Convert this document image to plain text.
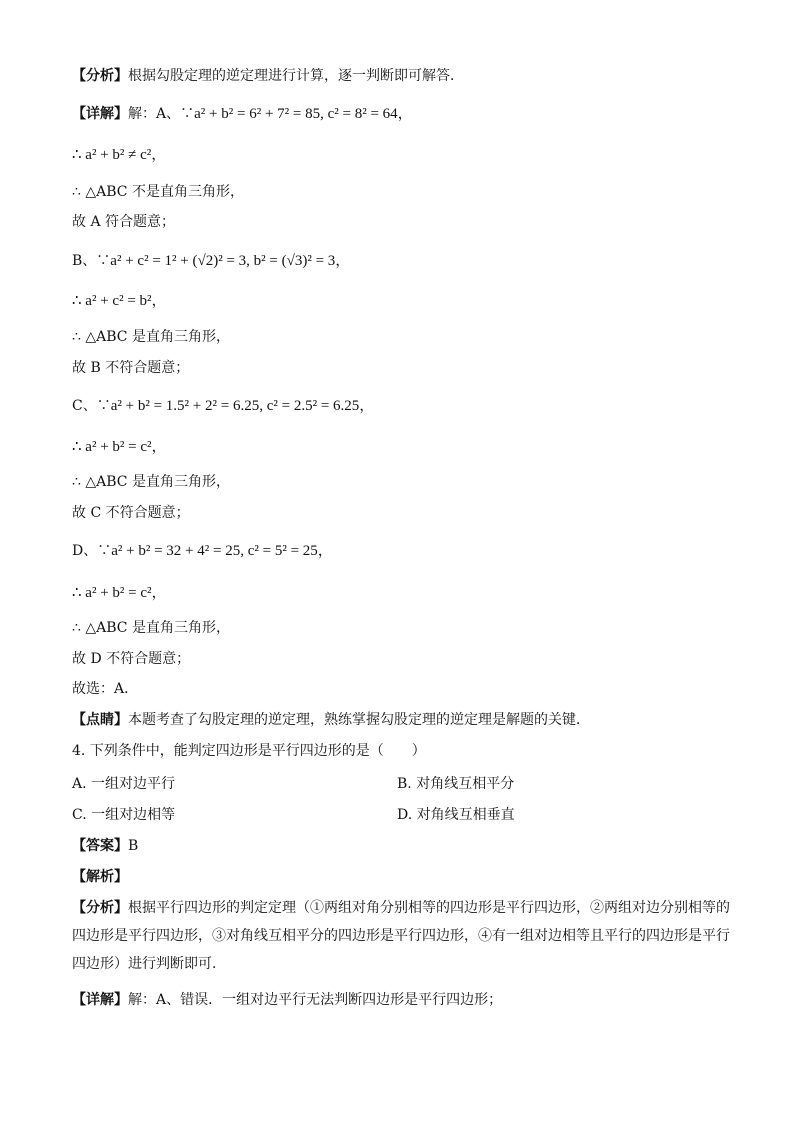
【分析】根据勾股定理的逆定理进行计算，逐一判断即可解答．
【详解】解：A、∵a² + b² = 6² + 7² = 85, c² = 8² = 64，
∴ a² + b² ≠ c²，
∴ △ABC 不是直角三角形，
故 A 符合题意；
B、∵a² + c² = 1² + (√2)² = 3, b² = (√3)² = 3，
∴ a² + c² = b²，
∴ △ABC 是直角三角形，
故 B 不符合题意；
C、∵a² + b² = 1.5² + 2² = 6.25, c² = 2.5² = 6.25，
∴ a² + b² = c²，
∴ △ABC 是直角三角形，
故 C 不符合题意；
D、∵a² + b² = 32 + 4² = 25, c² = 5² = 25，
∴ a² + b² = c²，
∴ △ABC 是直角三角形，
故 D 不符合题意；
故选：A．
【点睛】本题考查了勾股定理的逆定理，熟练掌握勾股定理的逆定理是解题的关键．
4. 下列条件中，能判定四边形是平行四边形的是（　　）
A. 一组对边平行	B. 对角线互相平分
C. 一组对边相等	D. 对角线互相垂直
【答案】B
【解析】
【分析】根据平行四边形的判定定理（①两组对角分别相等的四边形是平行四边形，②两组对边分别相等的四边形是平行四边形，③对角线互相平分的四边形是平行四边形，④有一组对边相等且平行的四边形是平行四边形）进行判断即可．
【详解】解：A、错误．一组对边平行无法判断四边形是平行四边形；
